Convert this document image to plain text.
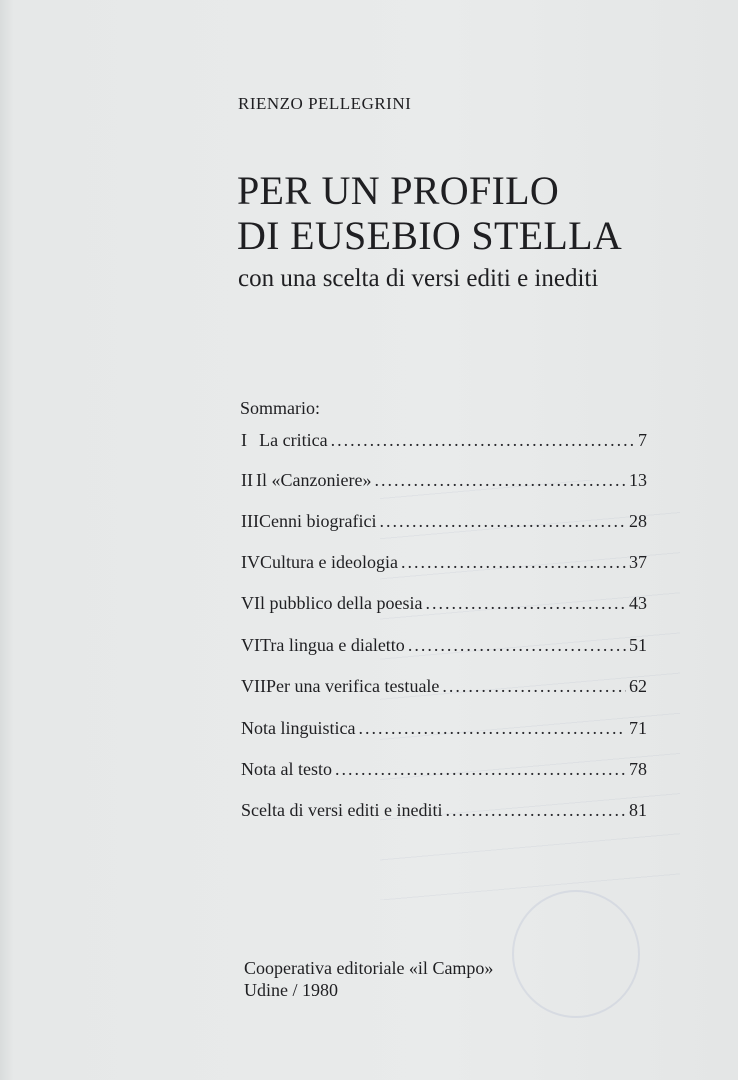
RIENZO PELLEGRINI
PER UN PROFILO
DI EUSEBIO STELLA
con una scelta di versi editi e inediti
Sommario:
I La critica .....	7
II Il «Canzoniere» .....	13
III Cenni biografici .....	28
IV Cultura e ideologia .....	37
V Il pubblico della poesia .....	43
VI Tra lingua e dialetto .....	51
VII Per una verifica testuale .....	62
Nota linguistica .....	71
Nota al testo .....	78
Scelta di versi editi e inediti .....	81
Cooperativa editoriale «il Campo»
Udine / 1980
